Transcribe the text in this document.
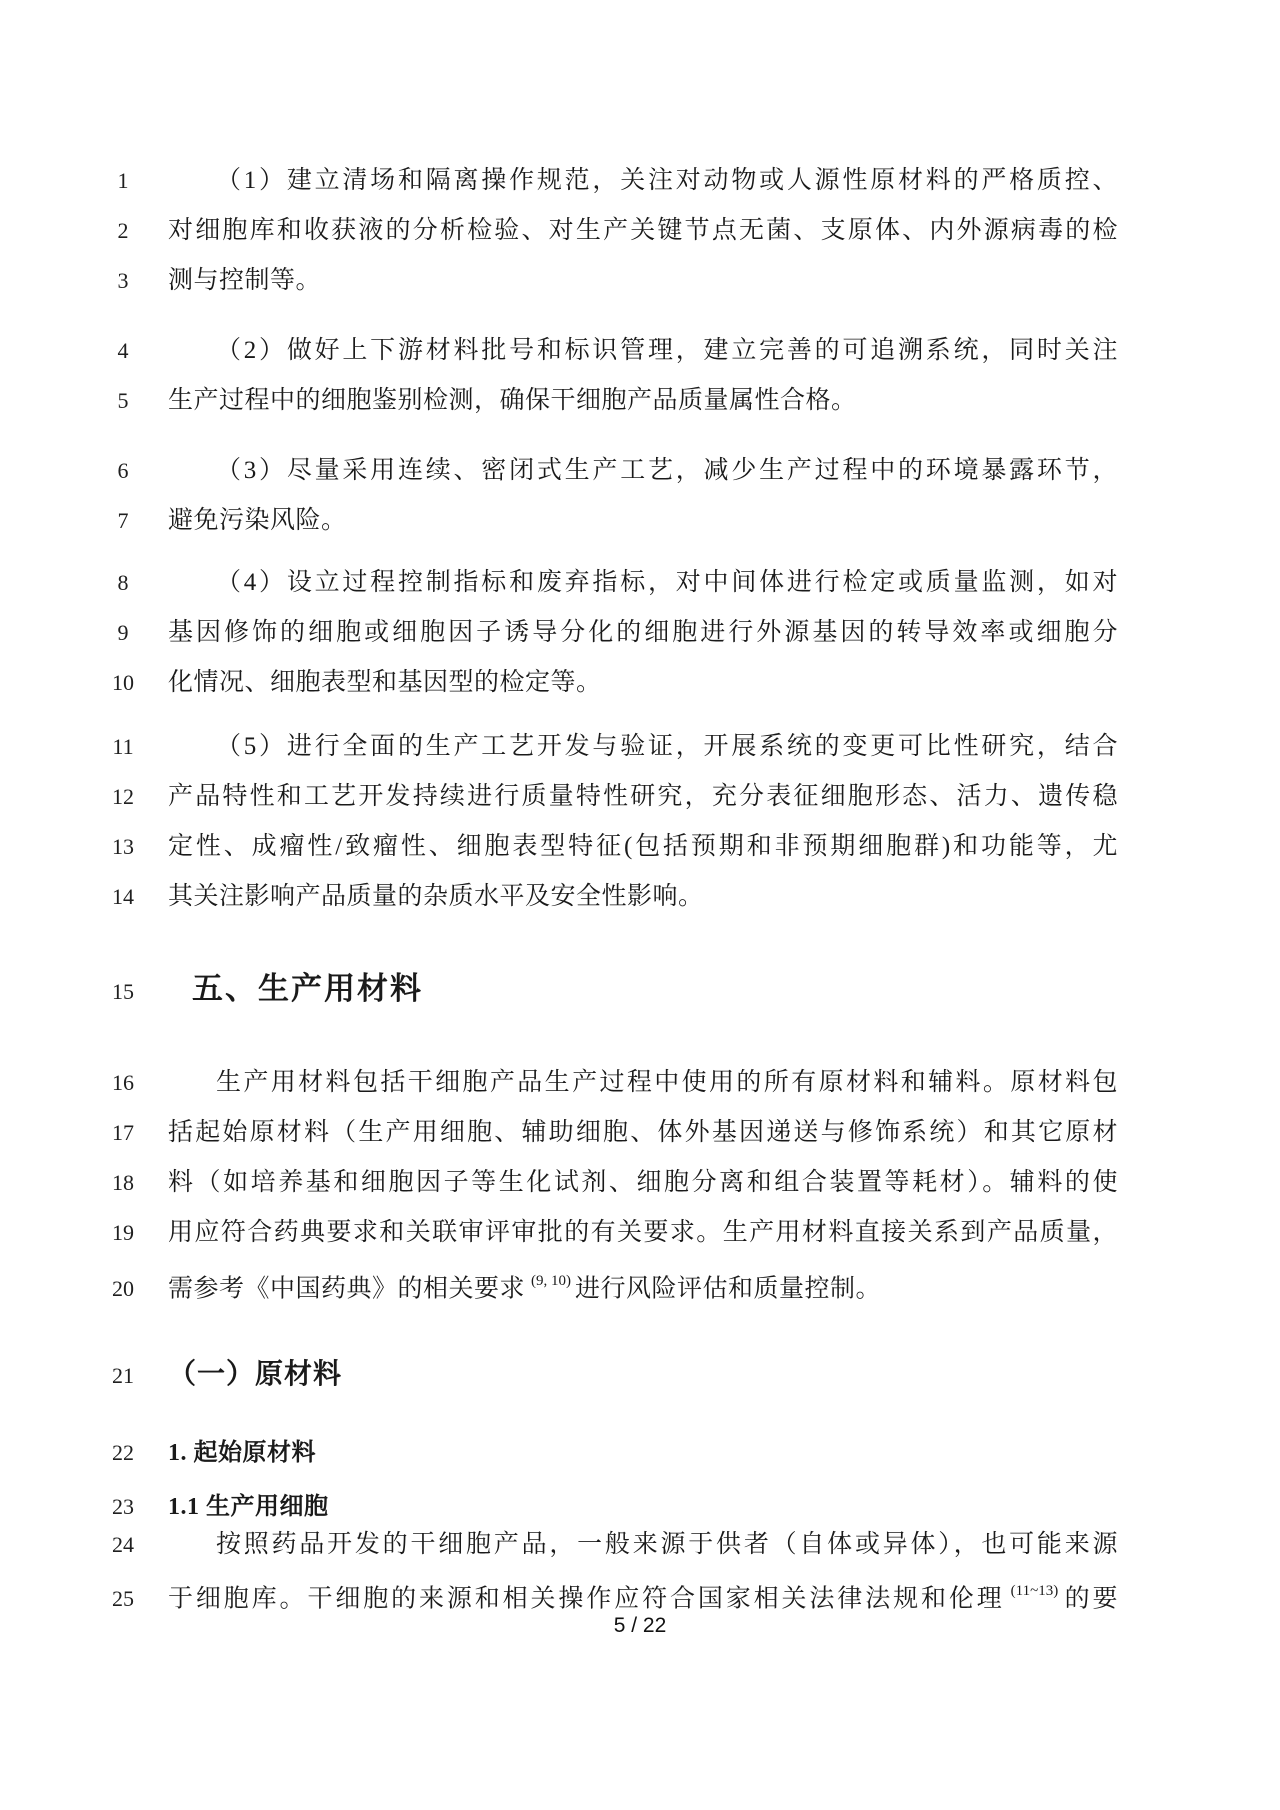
1	（1）建立清场和隔离操作规范，关注对动物或人源性原材料的严格质控、
2	对细胞库和收获液的分析检验、对生产关键节点无菌、支原体、内外源病毒的检
3	测与控制等。
4	（2）做好上下游材料批号和标识管理，建立完善的可追溯系统，同时关注
5	生产过程中的细胞鉴别检测，确保干细胞产品质量属性合格。
6	（3）尽量采用连续、密闭式生产工艺，减少生产过程中的环境暴露环节，
7	避免污染风险。
8	（4）设立过程控制指标和废弃指标，对中间体进行检定或质量监测，如对
9	基因修饰的细胞或细胞因子诱导分化的细胞进行外源基因的转导效率或细胞分
10	化情况、细胞表型和基因型的检定等。
11	（5）进行全面的生产工艺开发与验证，开展系统的变更可比性研究，结合
12	产品特性和工艺开发持续进行质量特性研究，充分表征细胞形态、活力、遗传稳
13	定性、成瘤性/致瘤性、细胞表型特征(包括预期和非预期细胞群)和功能等，尤
14	其关注影响产品质量的杂质水平及安全性影响。
15	五、生产用材料
16	生产用材料包括干细胞产品生产过程中使用的所有原材料和辅料。原材料包
17	括起始原材料（生产用细胞、辅助细胞、体外基因递送与修饰系统）和其它原材
18	料（如培养基和细胞因子等生化试剂、细胞分离和组合装置等耗材）。辅料的使
19	用应符合药典要求和关联审评审批的有关要求。生产用材料直接关系到产品质量，
20	需参考《中国药典》的相关要求 $^{(9, 10)}$ 进行风险评估和质量控制。
21 （一）原材料
22	1. 起始原材料
23	1.1 生产用细胞
24	按照药品开发的干细胞产品，一般来源于供者（自体或异体），也可能来源
25	于细胞库。干细胞的来源和相关操作应符合国家相关法律法规和伦理 $^{(11\sim 13)}$ 的要
5 / 22
